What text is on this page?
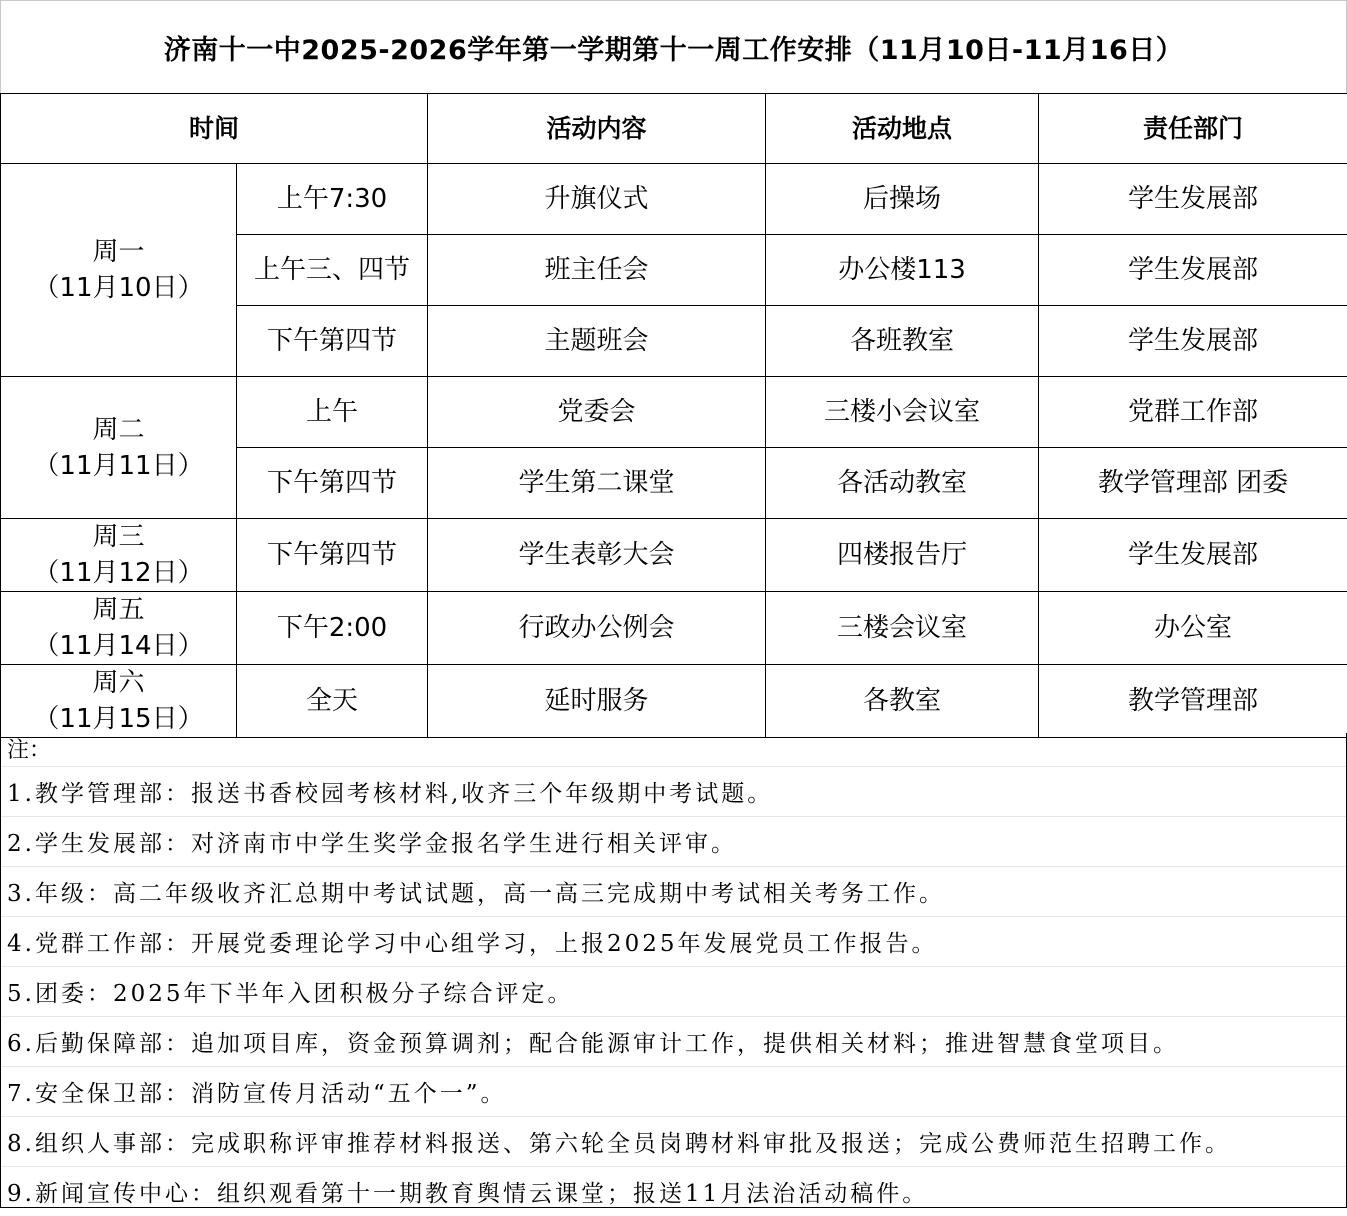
济南十一中2025-2026学年第一学期第十一周工作安排（11月10日-11月16日）
时间		活动内容	活动地点	责任部门

周一
（11月10日）	上午7:30	升旗仪式	后操场	学生发展部
	上午三、四节	班主任会	办公楼113	学生发展部
	下午第四节	主题班会	各班教室	学生发展部

周二
（11月11日）	上午	党委会	三楼小会议室	党群工作部
	下午第四节	学生第二课堂	各活动教室	教学管理部 团委

周三
（11月12日）	下午第四节	学生表彰大会	四楼报告厅	学生发展部

周五
（11月14日）	下午2:00	行政办公例会	三楼会议室	办公室

周六
（11月15日）	全天	延时服务	各教室	教学管理部
注：
1.教学管理部：报送书香校园考核材料,收齐三个年级期中考试题。
2.学生发展部：对济南市中学生奖学金报名学生进行相关评审。
3.年级：高二年级收齐汇总期中考试试题，高一高三完成期中考试相关考务工作。
4.党群工作部：开展党委理论学习中心组学习，上报2025年发展党员工作报告。
5.团委：2025年下半年入团积极分子综合评定。
6.后勤保障部：追加项目库，资金预算调剂；配合能源审计工作，提供相关材料；推进智慧食堂项目。
7.安全保卫部：消防宣传月活动“五个一”。
8.组织人事部：完成职称评审推荐材料报送、第六轮全员岗聘材料审批及报送；完成公费师范生招聘工作。
9.新闻宣传中心：组织观看第十一期教育舆情云课堂；报送11月法治活动稿件。
